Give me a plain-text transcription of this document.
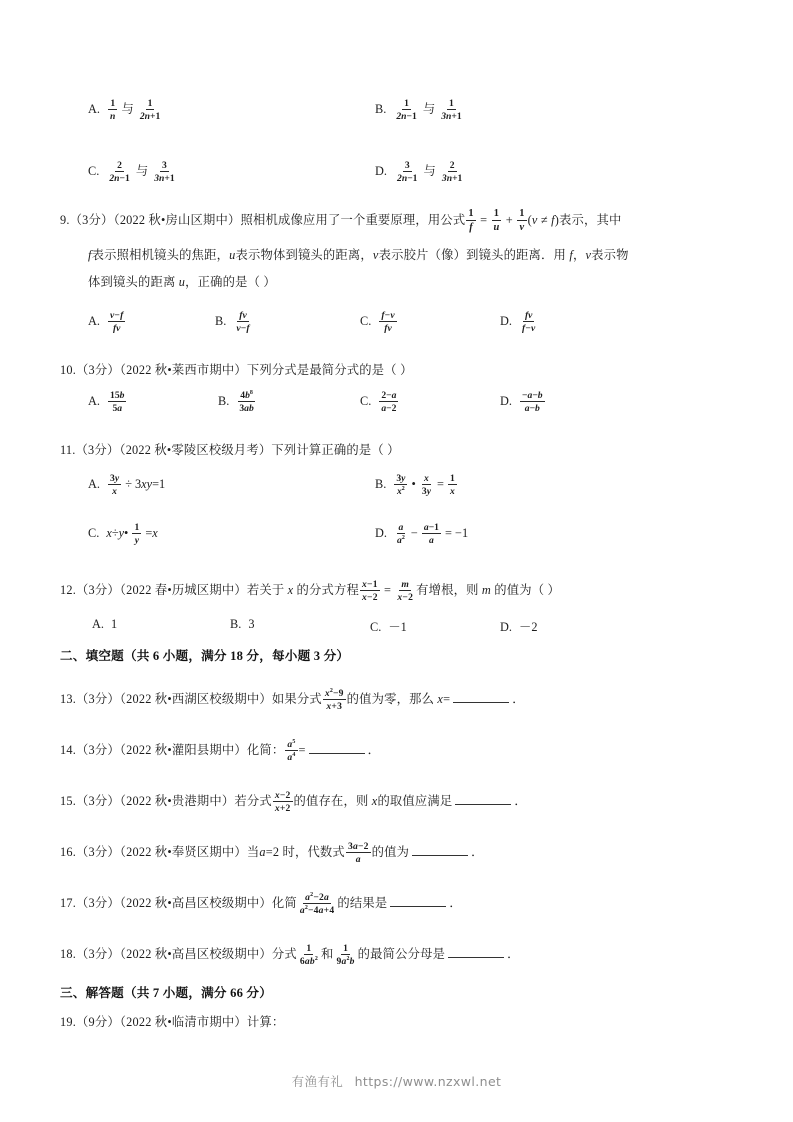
A. $\frac{1}{n}$ 与 $\frac{1}{2n+1}$	B. $\frac{1}{2n-1}$ 与 $\frac{1}{3n+1}$
C. $\frac{2}{2n-1}$ 与 $\frac{3}{3n+1}$	D. $\frac{3}{2n-1}$ 与 $\frac{2}{3n+1}$
9.（3分）（2022 秋•房山区期中）照相机成像应用了一个重要原理，用公式 $\frac{1}{f} = \frac{1}{u} + \frac{1}{v} (v \ne f)$表示，其中
f表示照相机镜头的焦距，u表示物体到镜头的距离，v表示胶片（像）到镜头的距离．用 f，v表示物
体到镜头的距离 u，正确的是（ ）
A. $\frac{v-f}{fv}$	B. $\frac{fv}{v-f}$	C. $\frac{f-v}{fv}$	D. $\frac{fv}{f-v}$
10.（3分）（2022 秋•莱西市期中）下列分式是最简分式的是（ ）
A. $\frac{15b}{5a}$	B. $\frac{4b^8}{3ab}$	C. $\frac{2-a}{a-2}$	D. $\frac{-a-b}{a-b}$
11.（3分）（2022 秋•零陵区校级月考）下列计算正确的是（ ）
A. $\frac{3y}{x} \div 3xy=1$	B. $\frac{3y}{x^2}$ • $\frac{x}{3y} = \frac{1}{x}$
C. x÷y• $\frac{1}{y} =x$	D. $\frac{a}{a^2} - \frac{a-1}{a} = -1$
12.（3分）（2022 春•历城区期中）若关于 x 的分式方程 $\frac{x-1}{x-2} = \frac{m}{x-2}$ 有增根，则 m 的值为（ ）
A. 1	B. 3	C. －1	D. －2
二、填空题（共 6 小题，满分 18 分，每小题 3 分）
13.（3分）（2022 秋•西湖区校级期中）如果分式 $\frac{x^2-9}{x+3}$ 的值为零，那么 x=	．
14.（3分）（2022 秋•灌阳县期中）化简： $\frac{a^5}{a^4}$ =	．
15.（3分）（2022 秋•贵港期中）若分式 $\frac{x-2}{x+2}$ 的值存在，则 x的取值应满足	．
16.（3分）（2022 秋•奉贤区期中）当a=2 时，代数式 $\frac{3a-2}{a}$ 的值为	．
17.（3分）（2022 秋•高昌区校级期中）化简 $\frac{a^2-2a}{a^2-4a+4}$ 的结果是	．
18.（3分）（2022 秋•高昌区校级期中）分式 $\frac{1}{6ab^2}$ 和 $\frac{1}{9a^2b}$ 的最简公分母是	．
三、解答题（共 7 小题，满分 66 分）
19.（9分）（2022 秋•临清市期中）计算：
有渔有礼 https://www.nzxwl.net
